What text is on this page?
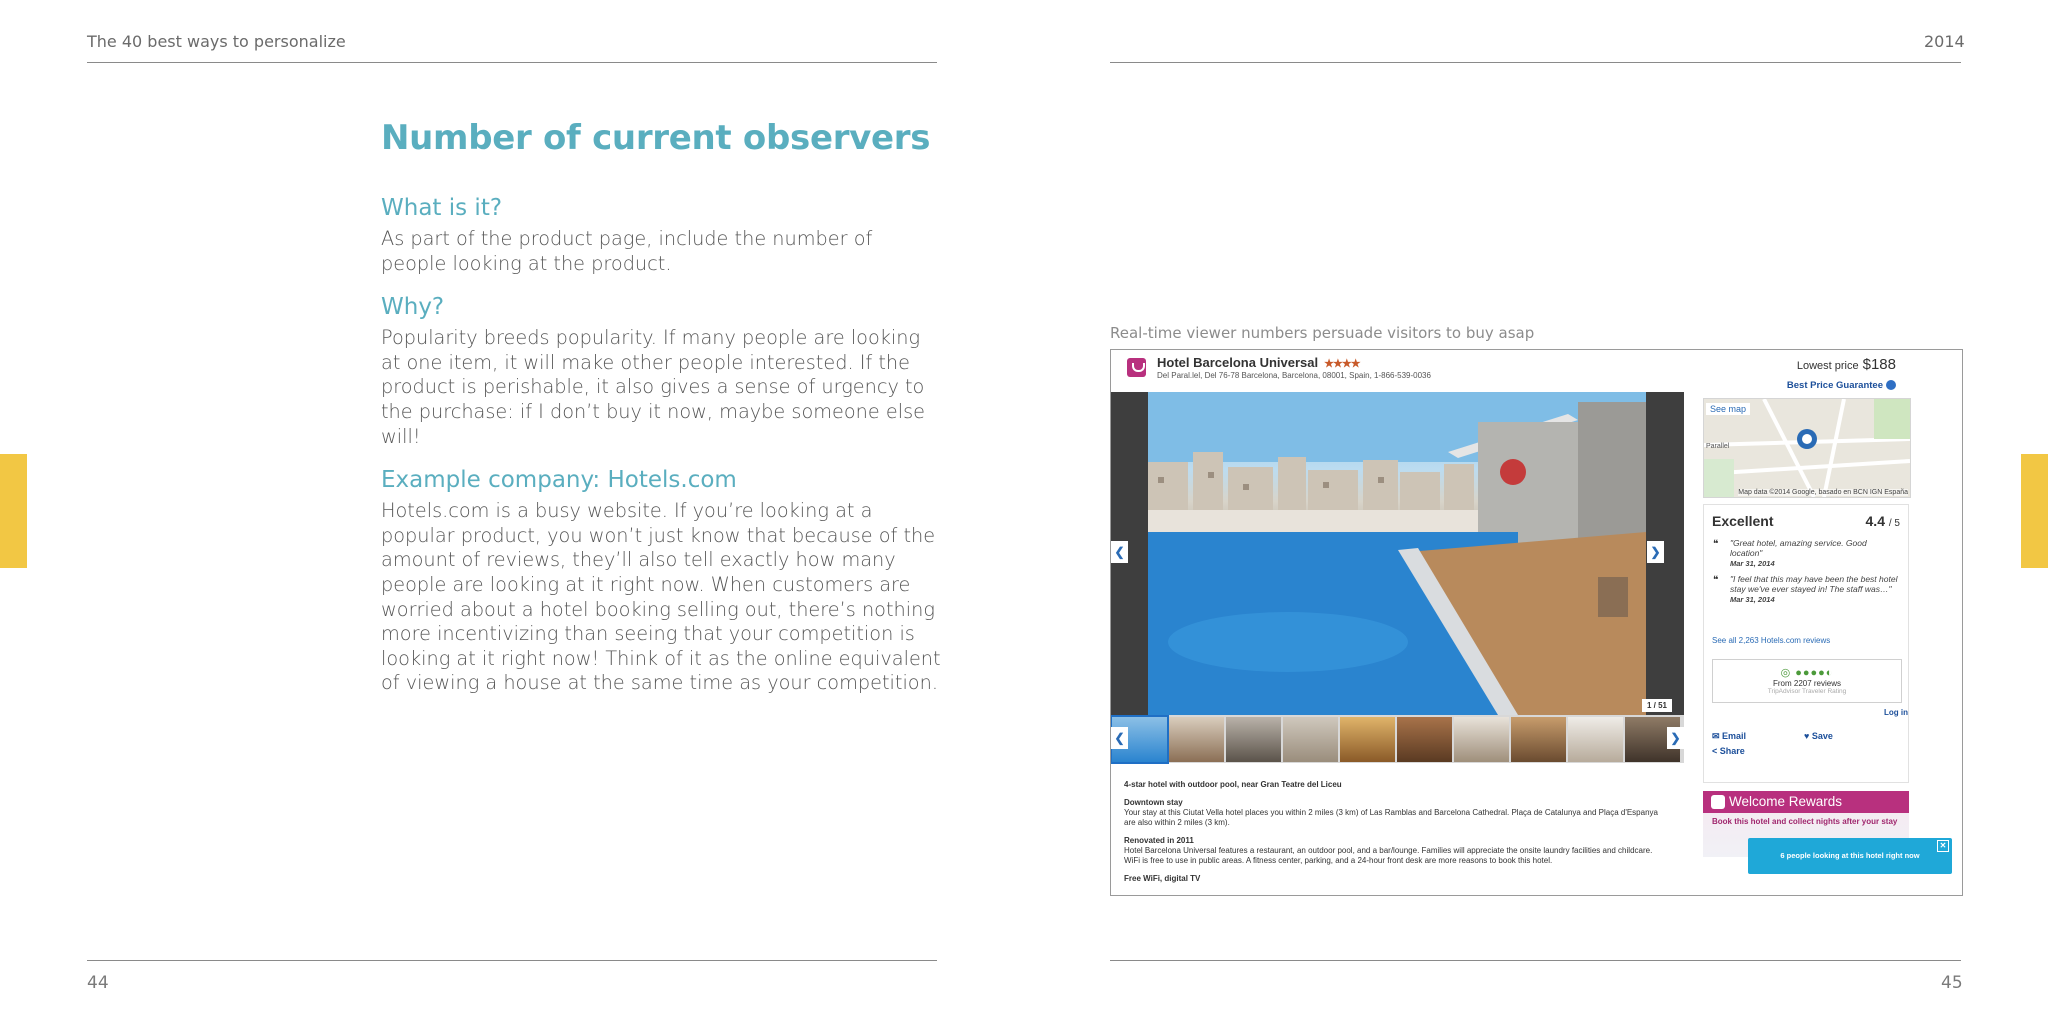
The 40 best ways to personalize	2014
Number of current observers
What is it?

As part of the product page, include the number of people looking at the product.

Why?

Popularity breeds popularity. If many people are looking at one item, it will make other people interested. If the product is perishable, it also gives a sense of urgency to the purchase: if I don’t buy it now, maybe someone else will!

Example company: Hotels.com

Hotels.com is a busy website. If you’re looking at a popular product, you won’t just know that because of the amount of reviews, they’ll also tell exactly how many people are looking at it right now. When customers are worried about a hotel booking selling out, there’s nothing more incentivizing than seeing that your competition is looking at it right now! Think of it as the online equivalent of viewing a house at the same time as your competition.

Real-time viewer numbers persuade visitors to buy asap
Hotel Barcelona Universal ★★★★
Del Paral.lel, Del 76-78 Barcelona, Barcelona, 08001, Spain, 1-866-539-0036
Lowest price $188
Best Price Guarantee
❮	❯
1 / 51
❮	❯
4-star hotel with outdoor pool, near Gran Teatre del Liceu
Downtown stay
Your stay at this Ciutat Vella hotel places you within 2 miles (3 km) of Las Ramblas and Barcelona Cathedral. Plaça de Catalunya and Plaça d'Espanya are also within 2 miles (3 km).
Renovated in 2011
Hotel Barcelona Universal features a restaurant, an outdoor pool, and a bar/lounge. Families will appreciate the onsite laundry facilities and childcare. WiFi is free to use in public areas. A fitness center, parking, and a 24-hour front desk are more reasons to book this hotel.
Free WiFi, digital TV
Parallel
See map
Map data ©2014 Google, basado en BCN IGN España
Excellent	4.4 / 5
❝ "Great hotel, amazing service. Good location"
Mar 31, 2014
❝ "I feel that this may have been the best hotel stay we've ever stayed in! The staff was…"
Mar 31, 2014
See all 2,263 Hotels.com reviews
◎ ●●●●◐
From 2207 reviews
TripAdvisor Traveler Rating
Log in
✉ Email	♥ Save
< Share
Welcome Rewards
Book this hotel and collect nights after your stay
6 people looking at this hotel right now
✕
44	45
